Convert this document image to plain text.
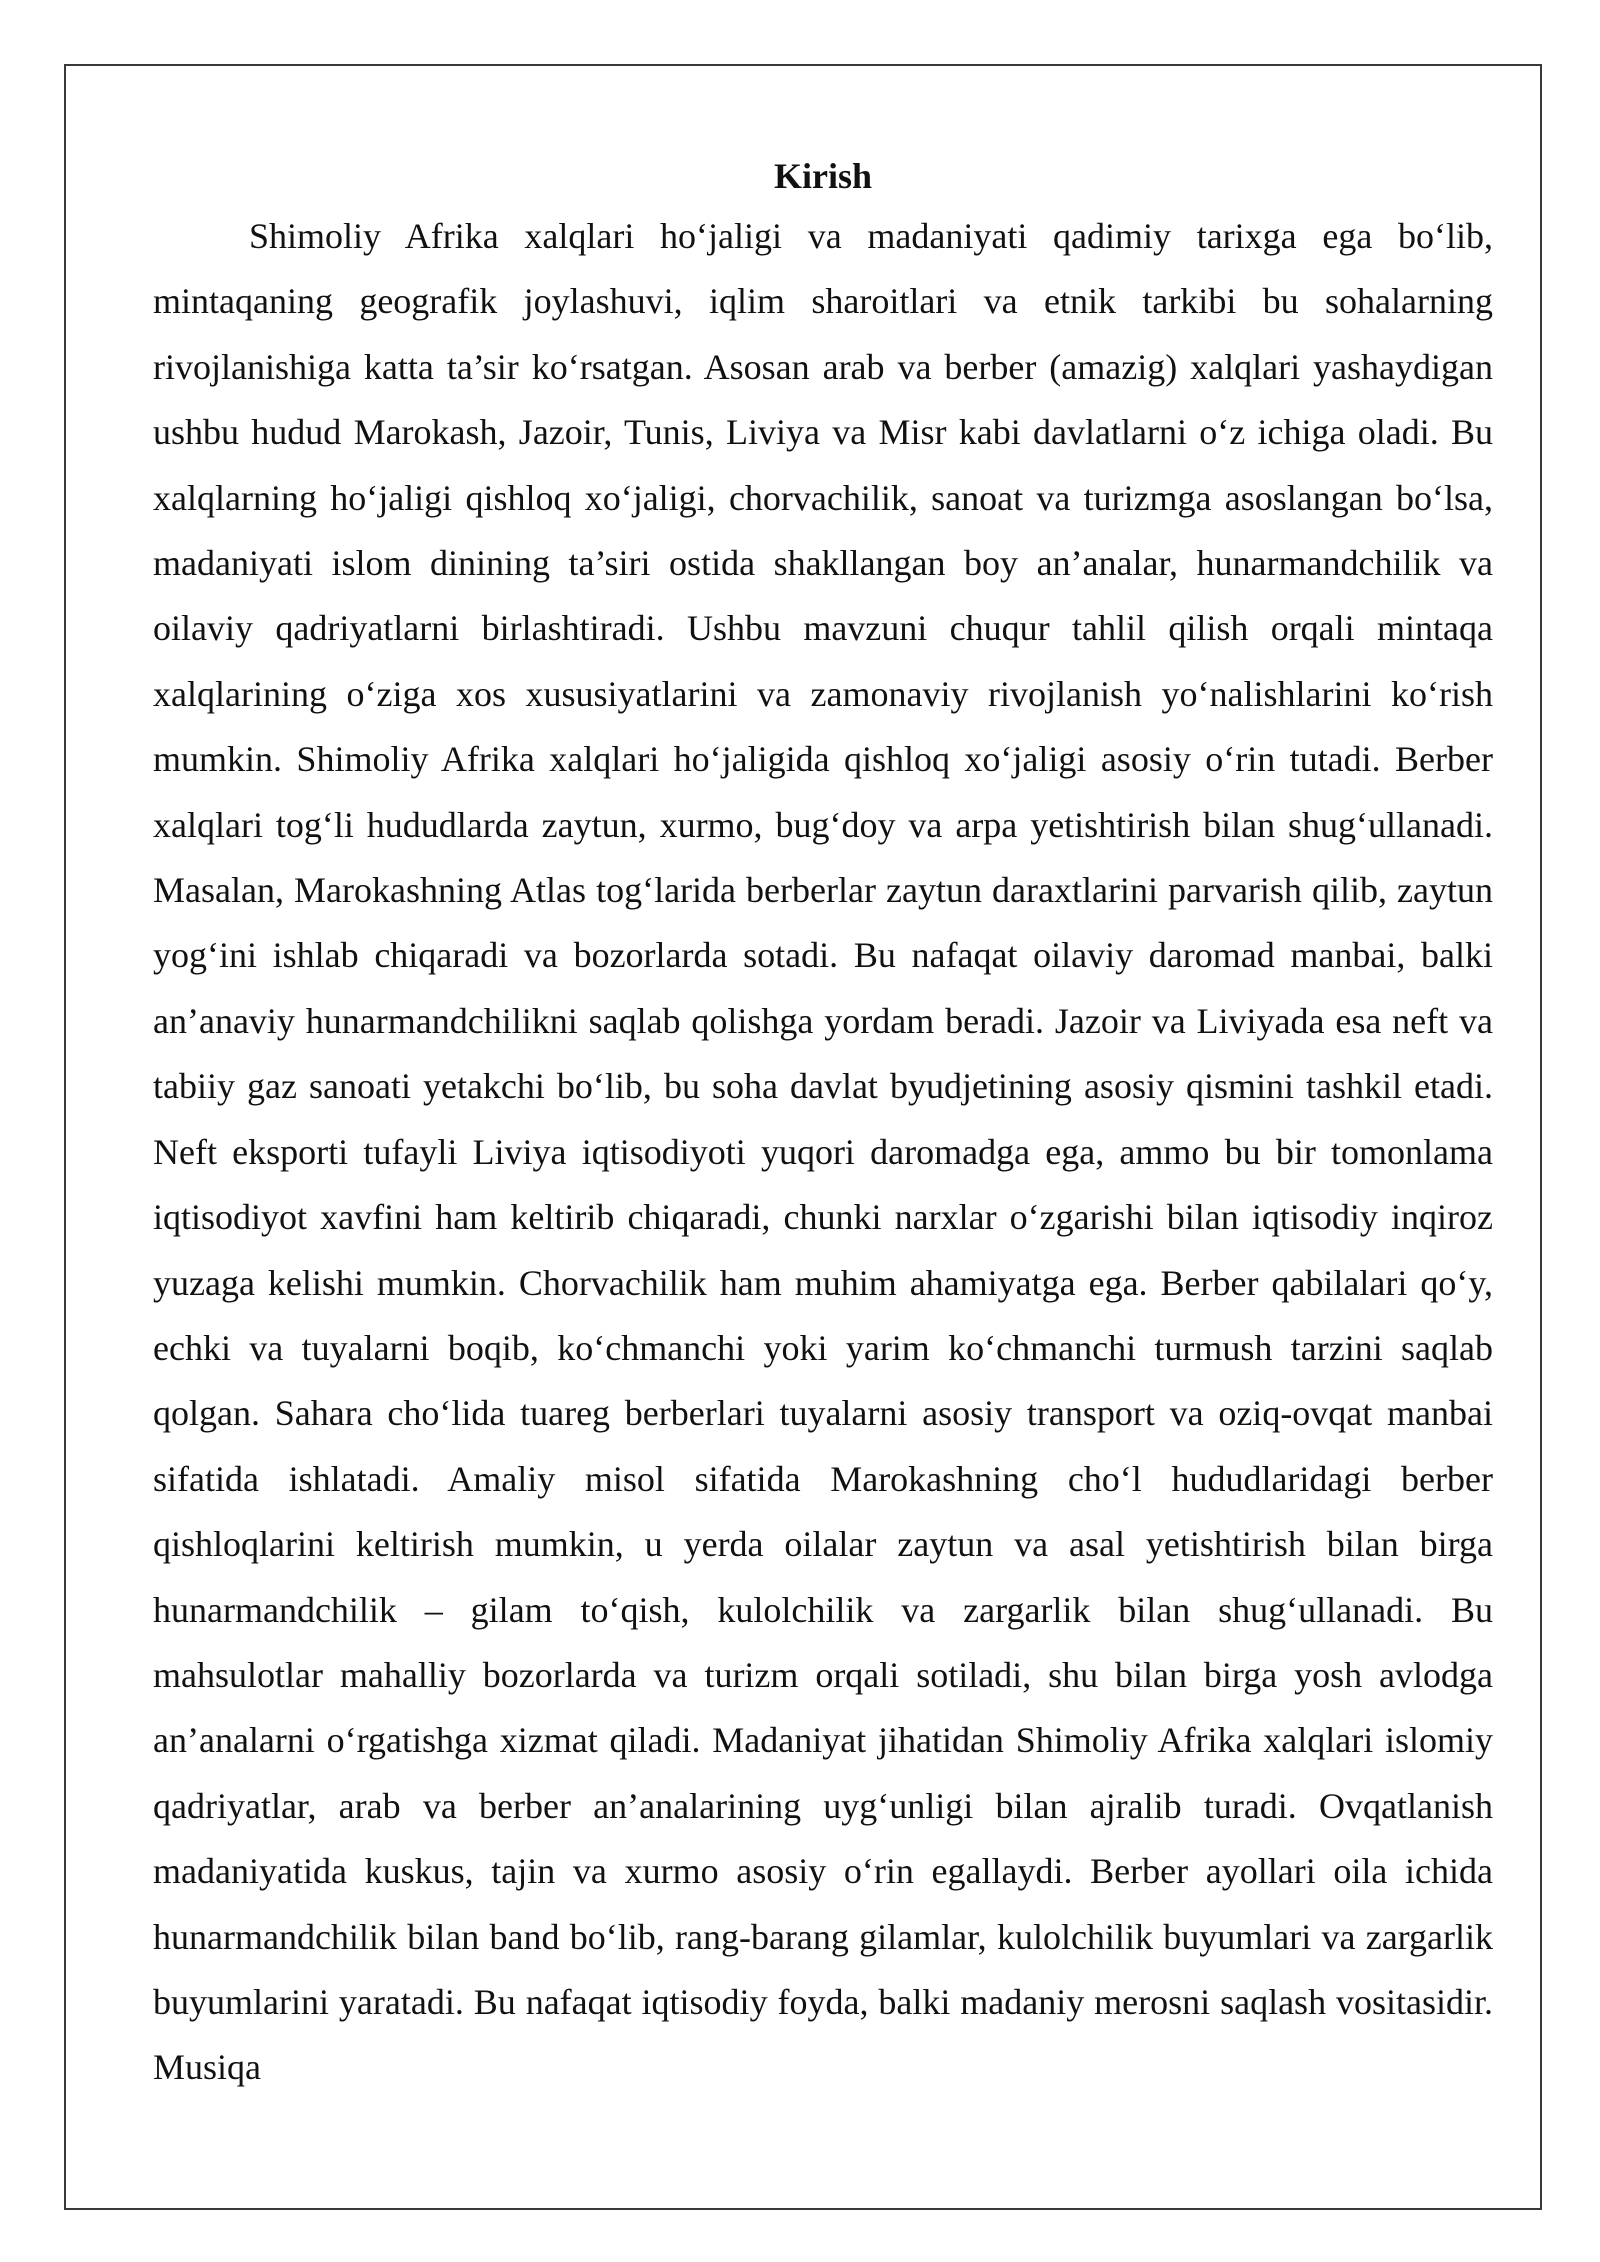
Kirish

Shimoliy Afrika xalqlari ho‘jaligi va madaniyati qadimiy tarixga ega bo‘lib, mintaqaning geografik joylashuvi, iqlim sharoitlari va etnik tarkibi bu sohalarning rivojlanishiga katta ta’sir ko‘rsatgan. Asosan arab va berber (amazig) xalqlari yashaydigan ushbu hudud Marokash, Jazoir, Tunis, Liviya va Misr kabi davlatlarni o‘z ichiga oladi. Bu xalqlarning ho‘jaligi qishloq xo‘jaligi, chorvachilik, sanoat va turizmga asoslangan bo‘lsa, madaniyati islom dinining ta’siri ostida shakllangan boy an’analar, hunarmandchilik va oilaviy qadriyatlarni birlashtiradi. Ushbu mavzuni chuqur tahlil qilish orqali mintaqa xalqlarining o‘ziga xos xususiyatlarini va zamonaviy rivojlanish yo‘nalishlarini ko‘rish mumkin. Shimoliy Afrika xalqlari ho‘jaligida qishloq xo‘jaligi asosiy o‘rin tutadi. Berber xalqlari tog‘li hududlarda zaytun, xurmo, bug‘doy va arpa yetishtirish bilan shug‘ullanadi. Masalan, Marokashning Atlas tog‘larida berberlar zaytun daraxtlarini parvarish qilib, zaytun yog‘ini ishlab chiqaradi va bozorlarda sotadi. Bu nafaqat oilaviy daromad manbai, balki an’anaviy hunarmandchilikni saqlab qolishga yordam beradi. Jazoir va Liviyada esa neft va tabiiy gaz sanoati yetakchi bo‘lib, bu soha davlat byudjetining asosiy qismini tashkil etadi. Neft eksporti tufayli Liviya iqtisodiyoti yuqori daromadga ega, ammo bu bir tomonlama iqtisodiyot xavfini ham keltirib chiqaradi, chunki narxlar o‘zgarishi bilan iqtisodiy inqiroz yuzaga kelishi mumkin. Chorvachilik ham muhim ahamiyatga ega. Berber qabilalari qo‘y, echki va tuyalarni boqib, ko‘chmanchi yoki yarim ko‘chmanchi turmush tarzini saqlab qolgan. Sahara cho‘lida tuareg berberlari tuyalarni asosiy transport va oziq-ovqat manbai sifatida ishlatadi. Amaliy misol sifatida Marokashning cho‘l hududlaridagi berber qishloqlarini keltirish mumkin, u yerda oilalar zaytun va asal yetishtirish bilan birga hunarmandchilik – gilam to‘qish, kulolchilik va zargarlik bilan shug‘ullanadi. Bu mahsulotlar mahalliy bozorlarda va turizm orqali sotiladi, shu bilan birga yosh avlodga an’analarni o‘rgatishga xizmat qiladi. Madaniyat jihatidan Shimoliy Afrika xalqlari islomiy qadriyatlar, arab va berber an’analarining uyg‘unligi bilan ajralib turadi. Ovqatlanish madaniyatida kuskus, tajin va xurmo asosiy o‘rin egallaydi. Berber ayollari oila ichida hunarmandchilik bilan band bo‘lib, rang-barang gilamlar, kulolchilik buyumlari va zargarlik buyumlarini yaratadi. Bu nafaqat iqtisodiy foyda, balki madaniy merosni saqlash vositasidir. Musiqa
